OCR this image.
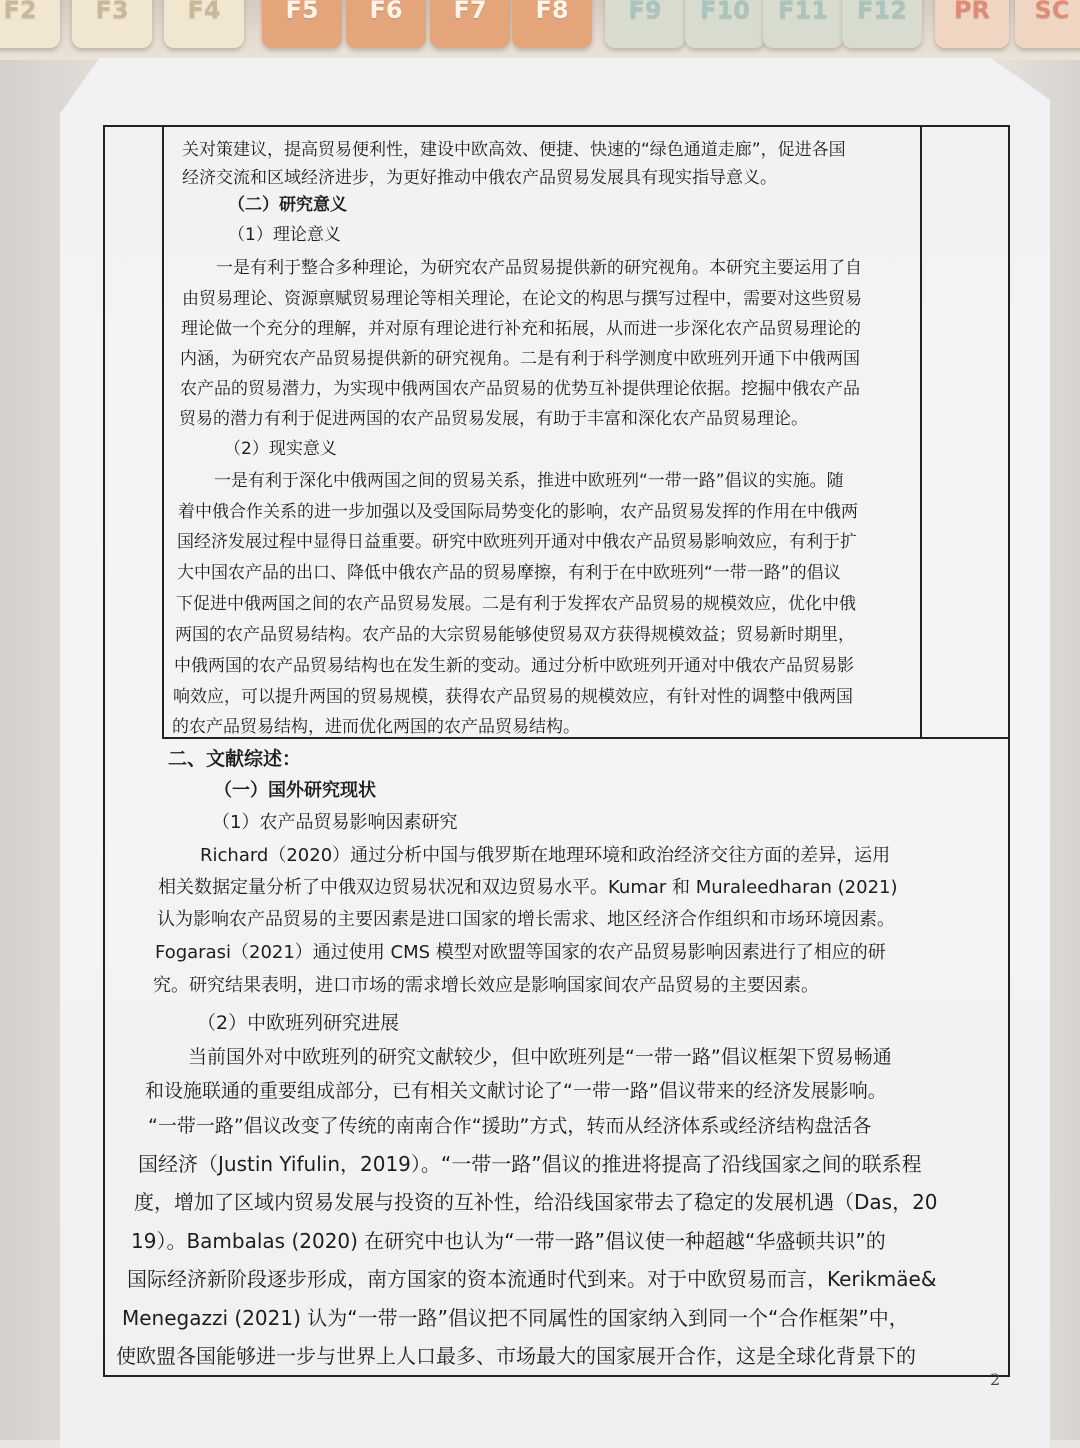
F2	F3	F4	F5	F6	F7	F8	F9	F10	F11	F12	PR	SC
关对策建议，提高贸易便利性，建设中欧高效、便捷、快速的“绿色通道走廊”，促进各国
经济交流和区域经济进步，为更好推动中俄农产品贸易发展具有现实指导意义。
（二）研究意义
（1）理论意义
一是有利于整合多种理论，为研究农产品贸易提供新的研究视角。本研究主要运用了自
由贸易理论、资源禀赋贸易理论等相关理论，在论文的构思与撰写过程中，需要对这些贸易
理论做一个充分的理解，并对原有理论进行补充和拓展，从而进一步深化农产品贸易理论的
内涵，为研究农产品贸易提供新的研究视角。二是有利于科学测度中欧班列开通下中俄两国
农产品的贸易潜力，为实现中俄两国农产品贸易的优势互补提供理论依据。挖掘中俄农产品
贸易的潜力有利于促进两国的农产品贸易发展，有助于丰富和深化农产品贸易理论。
（2）现实意义
一是有利于深化中俄两国之间的贸易关系，推进中欧班列“一带一路”倡议的实施。随
着中俄合作关系的进一步加强以及受国际局势变化的影响，农产品贸易发挥的作用在中俄两
国经济发展过程中显得日益重要。研究中欧班列开通对中俄农产品贸易影响效应，有利于扩
大中国农产品的出口、降低中俄农产品的贸易摩擦，有利于在中欧班列“一带一路”的倡议
下促进中俄两国之间的农产品贸易发展。二是有利于发挥农产品贸易的规模效应，优化中俄
两国的农产品贸易结构。农产品的大宗贸易能够使贸易双方获得规模效益；贸易新时期里，
中俄两国的农产品贸易结构也在发生新的变动。通过分析中欧班列开通对中俄农产品贸易影
响效应，可以提升两国的贸易规模，获得农产品贸易的规模效应，有针对性的调整中俄两国
的农产品贸易结构，进而优化两国的农产品贸易结构。
二、文献综述：
（一）国外研究现状
（1）农产品贸易影响因素研究
Richard（2020）通过分析中国与俄罗斯在地理环境和政治经济交往方面的差异，运用
相关数据定量分析了中俄双边贸易状况和双边贸易水平。Kumar 和 Muraleedharan (2021)
认为影响农产品贸易的主要因素是进口国家的增长需求、地区经济合作组织和市场环境因素。
Fogarasi（2021）通过使用 CMS 模型对欧盟等国家的农产品贸易影响因素进行了相应的研
究。研究结果表明，进口市场的需求增长效应是影响国家间农产品贸易的主要因素。
（2）中欧班列研究进展
当前国外对中欧班列的研究文献较少，但中欧班列是“一带一路”倡议框架下贸易畅通
和设施联通的重要组成部分，已有相关文献讨论了“一带一路”倡议带来的经济发展影响。
“一带一路”倡议改变了传统的南南合作“援助”方式，转而从经济体系或经济结构盘活各
国经济（Justin Yifulin，2019）。“一带一路”倡议的推进将提高了沿线国家之间的联系程
度，增加了区域内贸易发展与投资的互补性，给沿线国家带去了稳定的发展机遇（Das，20
19）。Bambalas (2020) 在研究中也认为“一带一路”倡议使一种超越“华盛顿共识”的
国际经济新阶段逐步形成，南方国家的资本流通时代到来。对于中欧贸易而言，Kerikmäe&
Menegazzi (2021) 认为“一带一路”倡议把不同属性的国家纳入到同一个“合作框架”中，
使欧盟各国能够进一步与世界上人口最多、市场最大的国家展开合作，这是全球化背景下的
2
